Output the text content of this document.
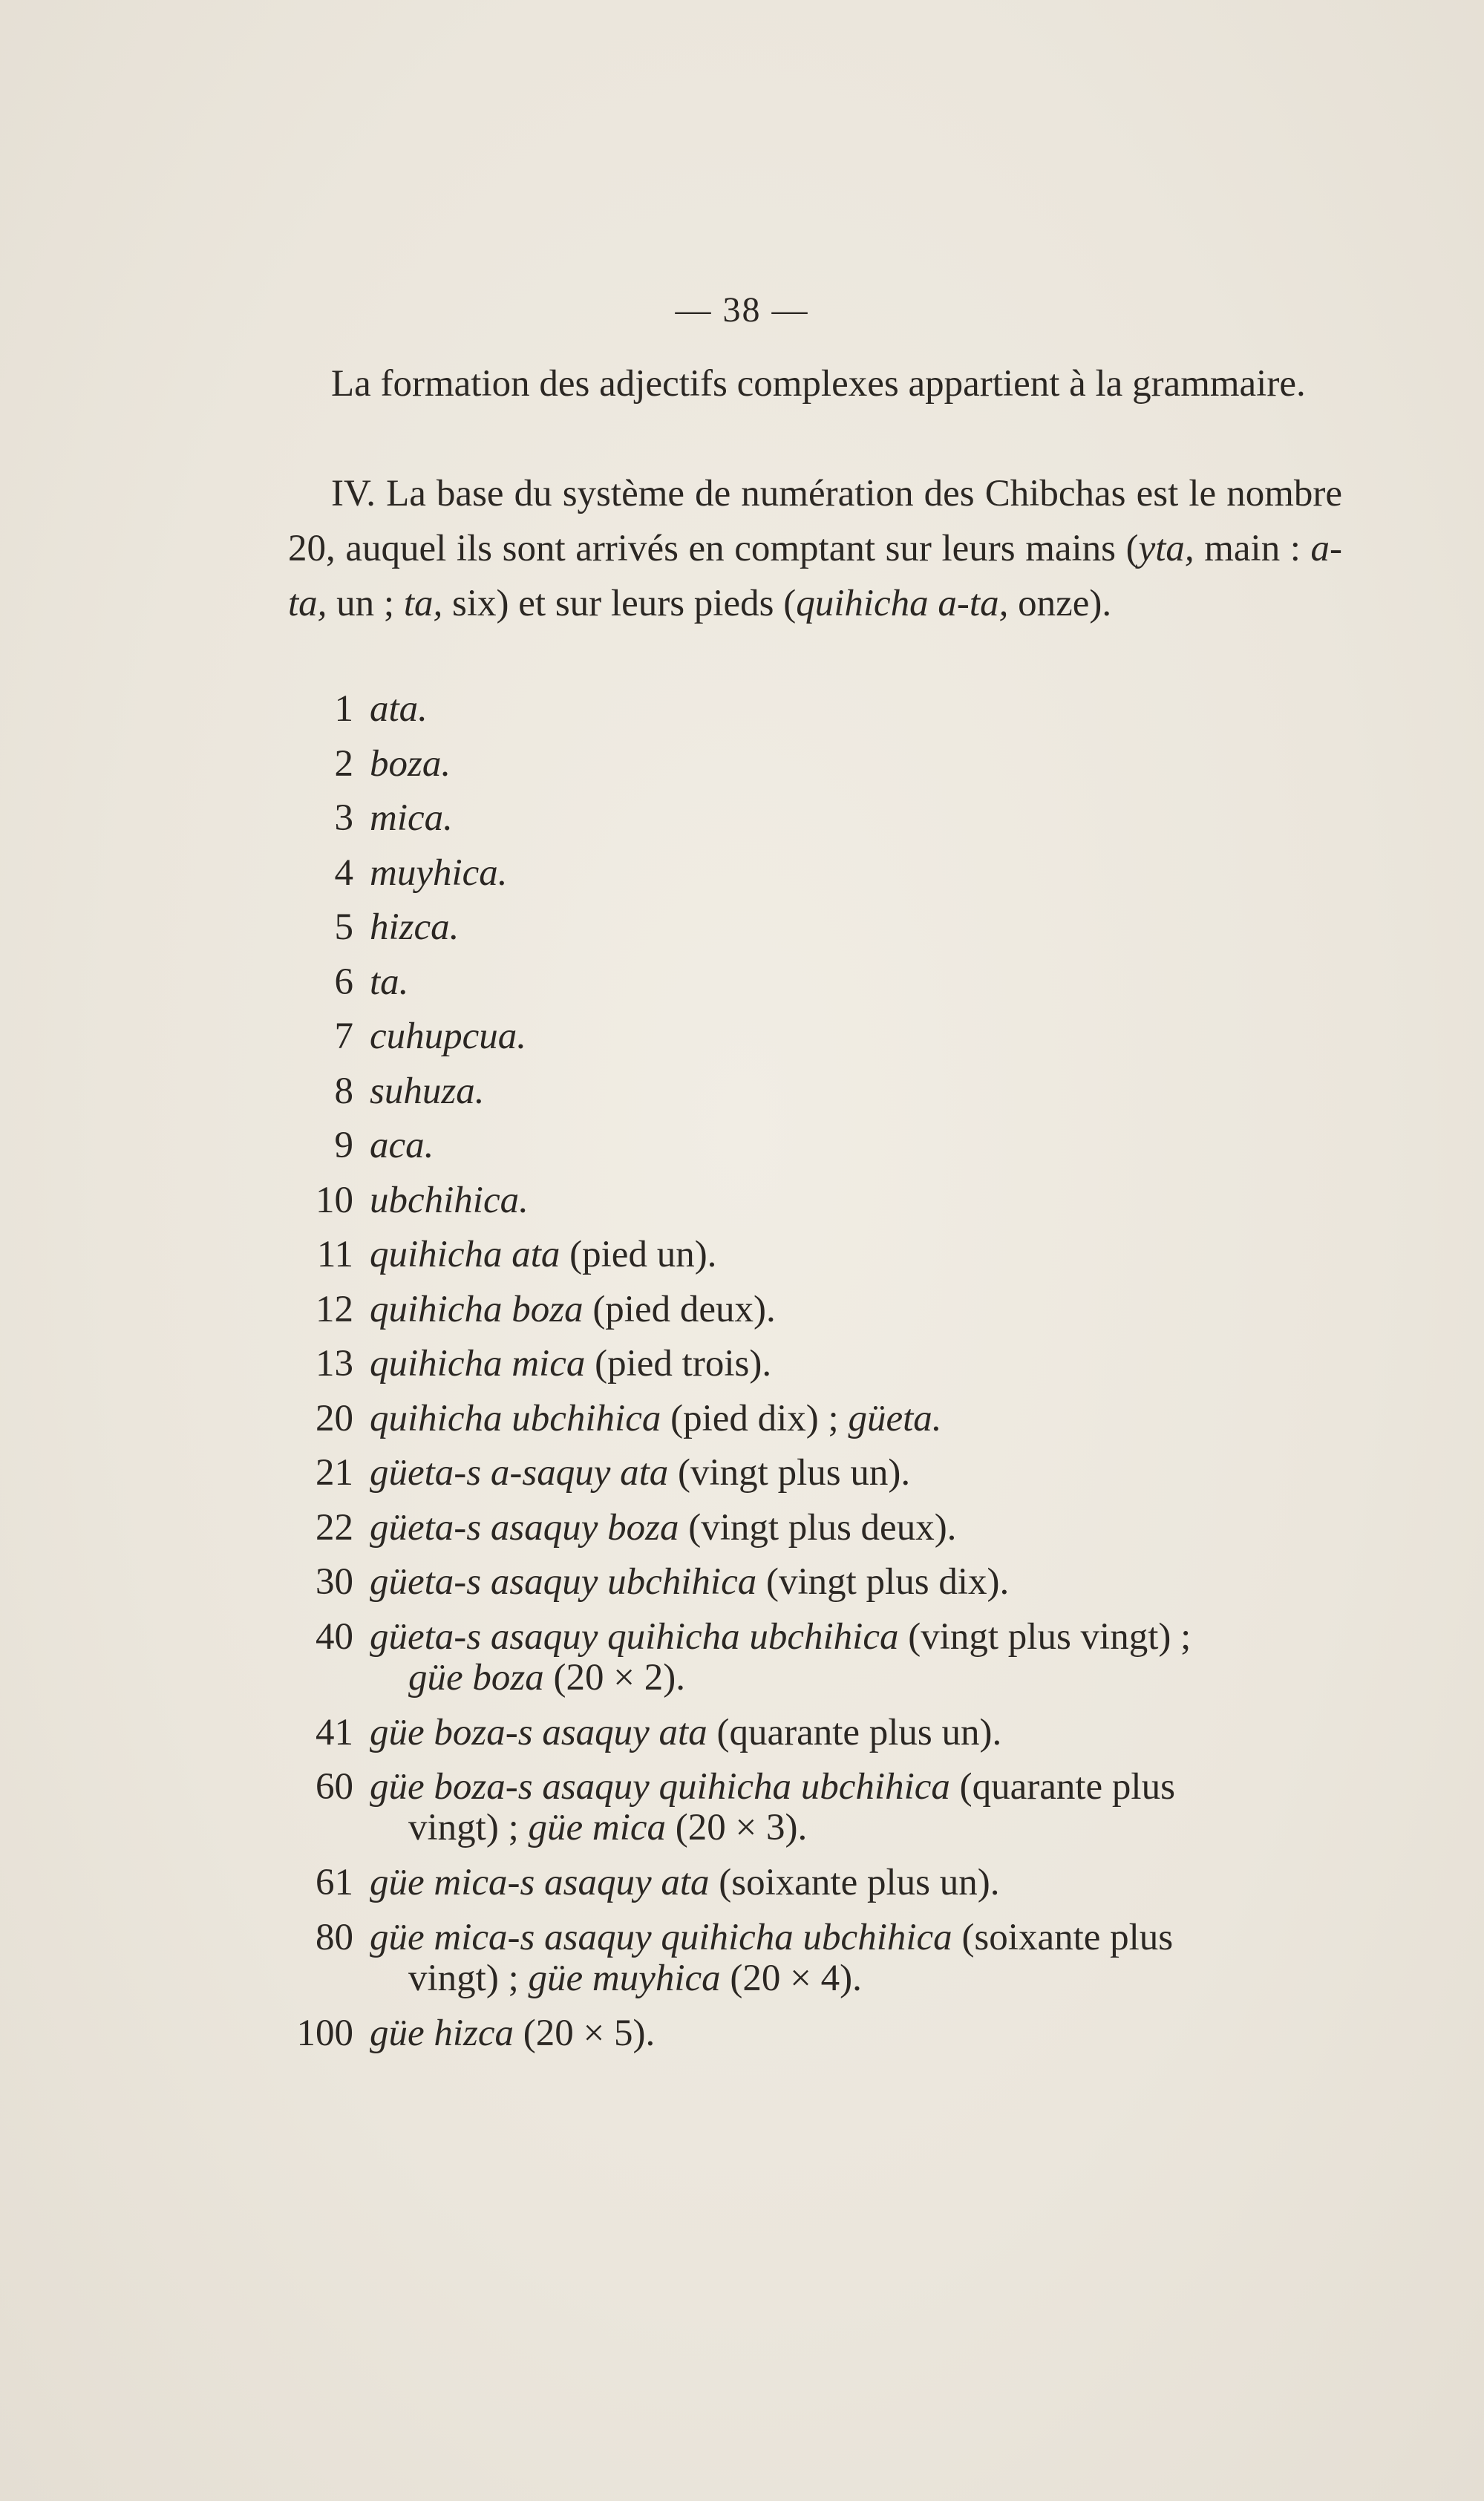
— 38 —

La formation des adjectifs complexes appartient à la grammaire.

IV. La base du système de numération des Chibchas est le nombre 20, auquel ils sont arrivés en comptant sur leurs mains (yta, main : a-ta, un ; ta, six) et sur leurs pieds (quihicha a-ta, onze).

1 ata.
2 boza.
3 mica.
4 muyhica.
5 hizca.
6 ta.
7 cuhupcua.
8 suhuza.
9 aca.
10 ubchihica.
11 quihicha ata (pied un).
12 quihicha boza (pied deux).
13 quihicha mica (pied trois).
20 quihicha ubchihica (pied dix) ; güeta.
21 güeta-s a-saquy ata (vingt plus un).
22 güeta-s asaquy boza (vingt plus deux).
30 güeta-s asaquy ubchihica (vingt plus dix).
40 güeta-s asaquy quihicha ubchihica (vingt plus vingt) ;
güe boza (20 × 2).
41 güe boza-s asaquy ata (quarante plus un).
60 güe boza-s asaquy quihicha ubchihica (quarante plus
vingt) ; güe mica (20 × 3).
61 güe mica-s asaquy ata (soixante plus un).
80 güe mica-s asaquy quihicha ubchihica (soixante plus
vingt) ; güe muyhica (20 × 4).
100 güe hizca (20 × 5).
